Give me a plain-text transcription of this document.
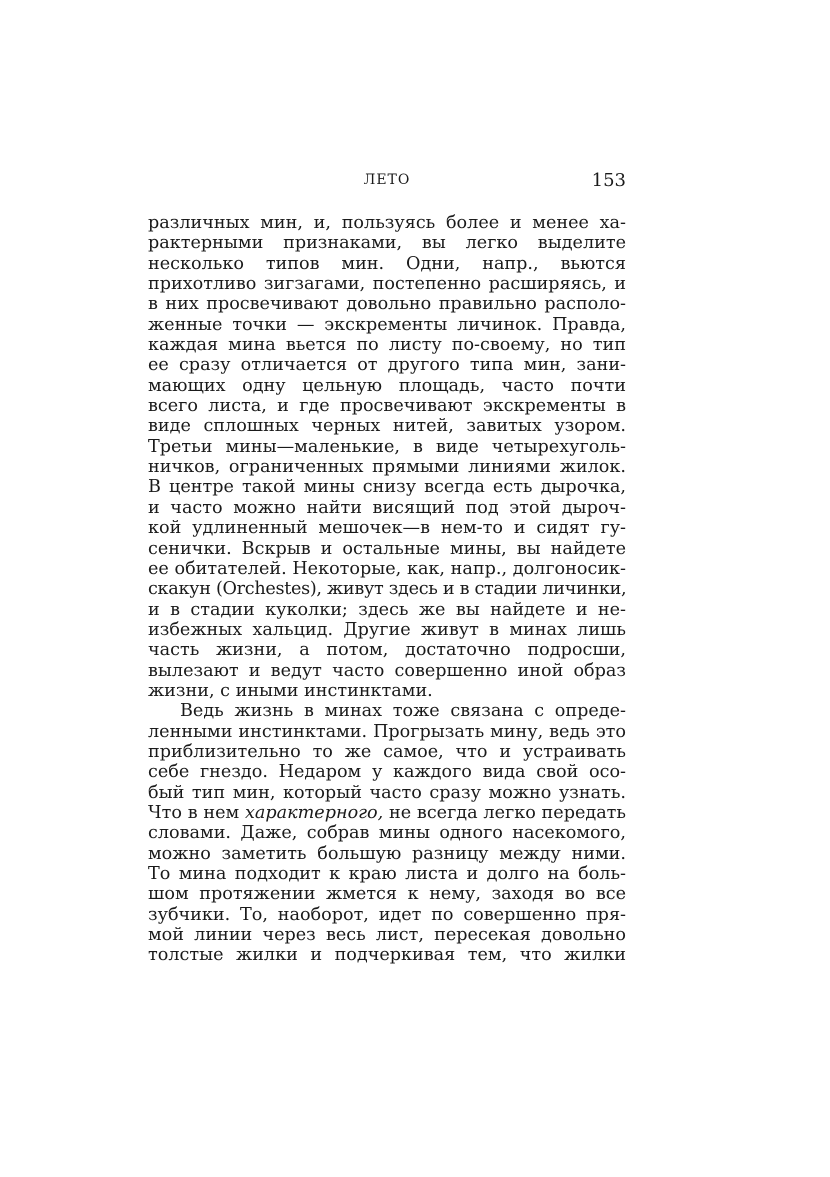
ЛЕТО	153
различных мин, и, пользуясь более и менее ха-
рактерными признаками, вы легко выделите
несколько типов мин. Одни, напр., вьются
прихотливо зигзагами, постепенно расширяясь, и
в них просвечивают довольно правильно располо-
женные точки — экскременты личинок. Правда,
каждая мина вьется по листу по-своему, но тип
ее сразу отличается от другого типа мин, зани-
мающих одну цельную площадь, часто почти
всего листа, и где просвечивают экскременты в
виде сплошных черных нитей, завитых узором.
Третьи мины—маленькие, в виде четырехуголь-
ничков, ограниченных прямыми линиями жилок.
В центре такой мины снизу всегда есть дырочка,
и часто можно найти висящий под этой дыроч-
кой удлиненный мешочек—в нем-то и сидят гу-
сенички. Вскрыв и остальные мины, вы найдете
ее обитателей. Некоторые, как, напр., долгоносик-
скакун (Orchestes), живут здесь и в стадии личинки,
и в стадии куколки; здесь же вы найдете и не-
избежных хальцид. Другие живут в минах лишь
часть жизни, а потом, достаточно подросши,
вылезают и ведут часто совершенно иной образ
жизни, с иными инстинктами.
Ведь жизнь в минах тоже связана с опреде-
ленными инстинктами. Прогрызать мину, ведь это
приблизительно то же самое, что и устраивать
себе гнездо. Недаром у каждого вида свой осо-
бый тип мин, который часто сразу можно узнать.
Что в нем характерного, не всегда легко передать
словами. Даже, собрав мины одного насекомого,
можно заметить большую разницу между ними.
То мина подходит к краю листа и долго на боль-
шом протяжении жмется к нему, заходя во все
зубчики. То, наоборот, идет по совершенно пря-
мой линии через весь лист, пересекая довольно
толстые жилки и подчеркивая тем, что жилки
